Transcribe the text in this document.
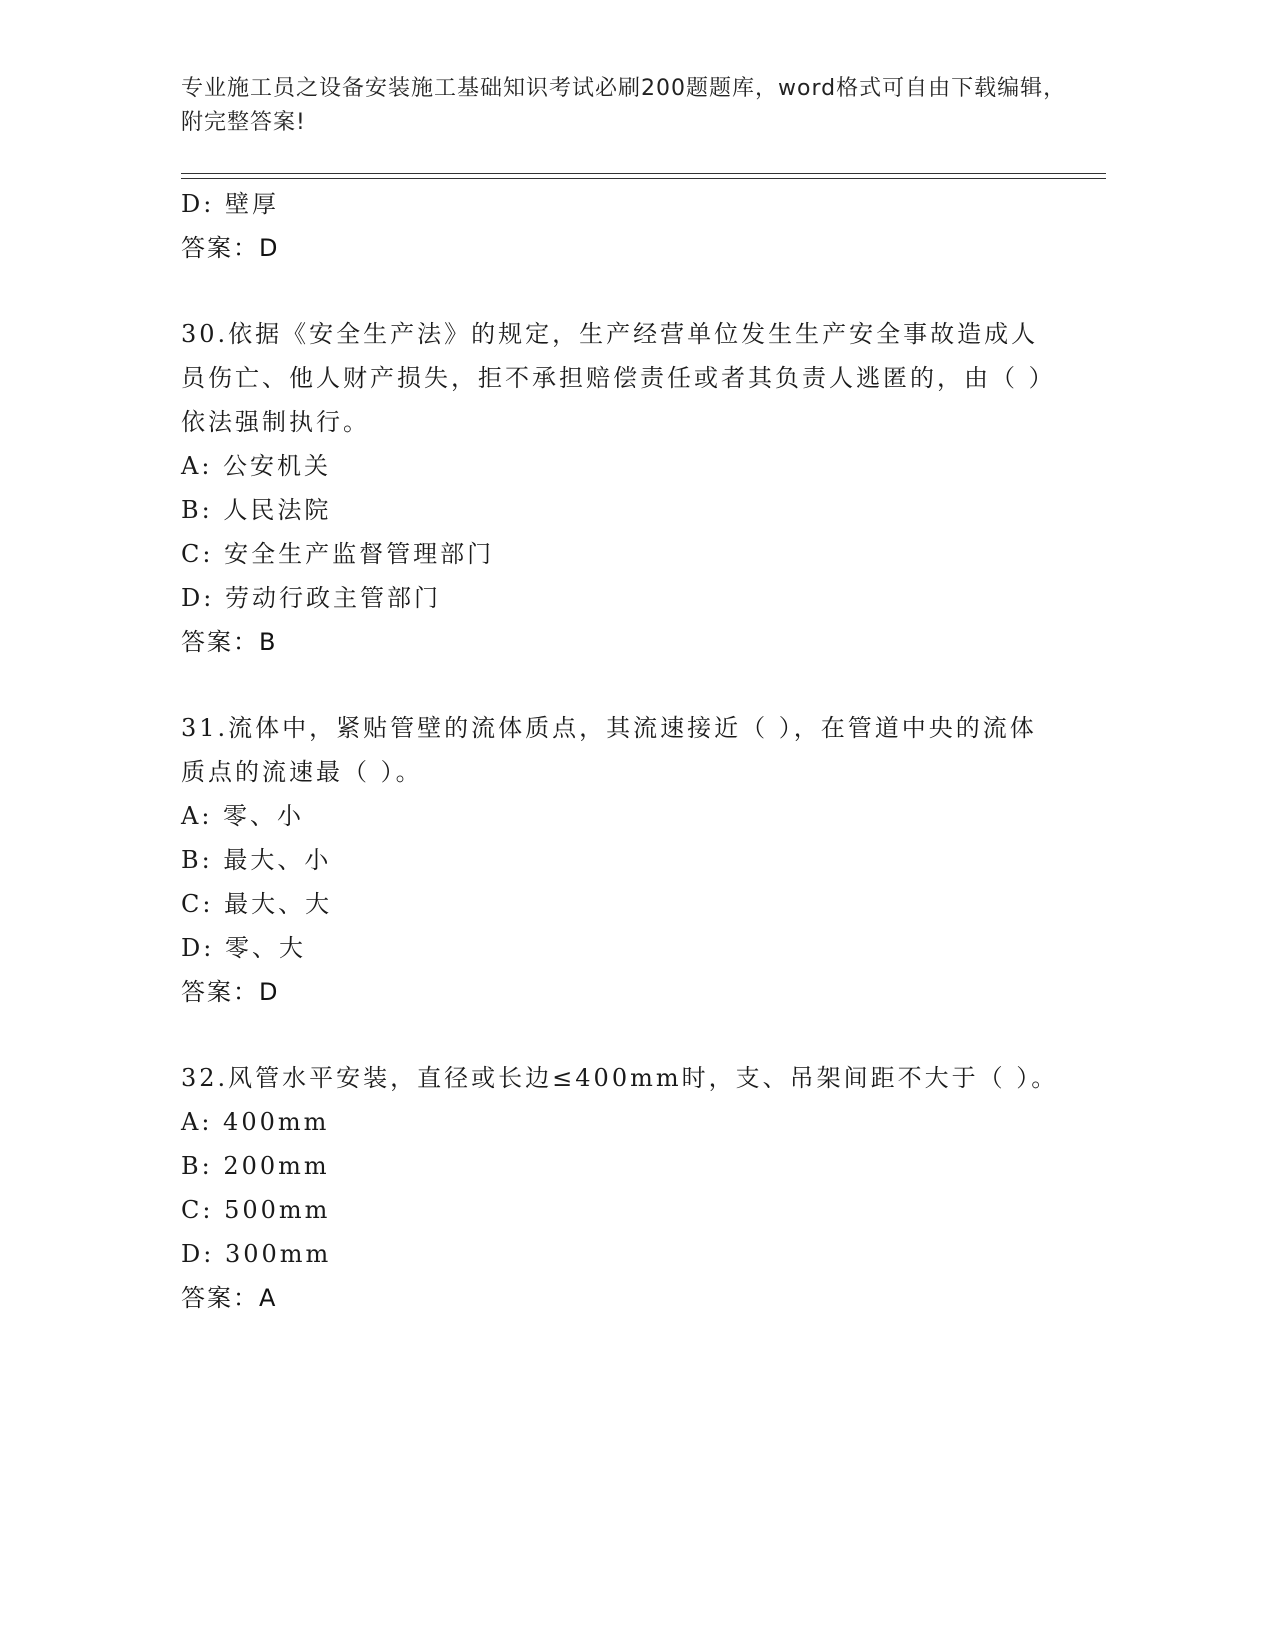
专业施工员之设备安装施工基础知识考试必刷200题题库，word格式可自由下载编辑，附完整答案!
D: 壁厚
答案：D
30.依据《安全生产法》的规定，生产经营单位发生生产安全事故造成人员伤亡、他人财产损失，拒不承担赔偿责任或者其负责人逃匿的，由（ ）依法强制执行。
A: 公安机关
B: 人民法院
C: 安全生产监督管理部门
D: 劳动行政主管部门
答案：B
31.流体中，紧贴管壁的流体质点，其流速接近（ ），在管道中央的流体质点的流速最（ ）。
A: 零、小
B: 最大、小
C: 最大、大
D: 零、大
答案：D
32.风管水平安装，直径或长边≤400mm时，支、吊架间距不大于（ ）。
A: 400mm
B: 200mm
C: 500mm
D: 300mm
答案：A
